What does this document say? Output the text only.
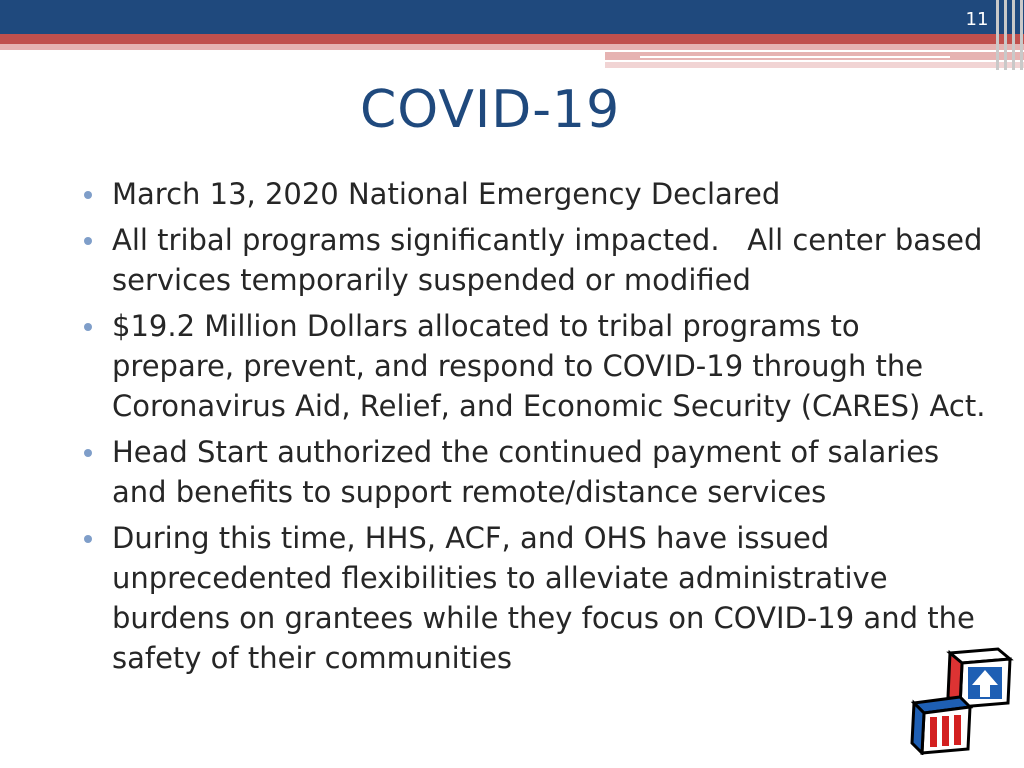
11
COVID-19
March 13, 2020 National Emergency Declared
All tribal programs significantly impacted.   All center based services temporarily suspended or modified
$19.2 Million Dollars allocated to tribal programs to prepare, prevent, and respond to COVID-19 through the Coronavirus Aid, Relief, and Economic Security (CARES) Act.
Head Start authorized the continued payment of salaries and benefits to support remote/distance services
During this time, HHS, ACF, and OHS have issued unprecedented flexibilities to alleviate administrative burdens on grantees while they focus on COVID-19 and the safety of their communities
